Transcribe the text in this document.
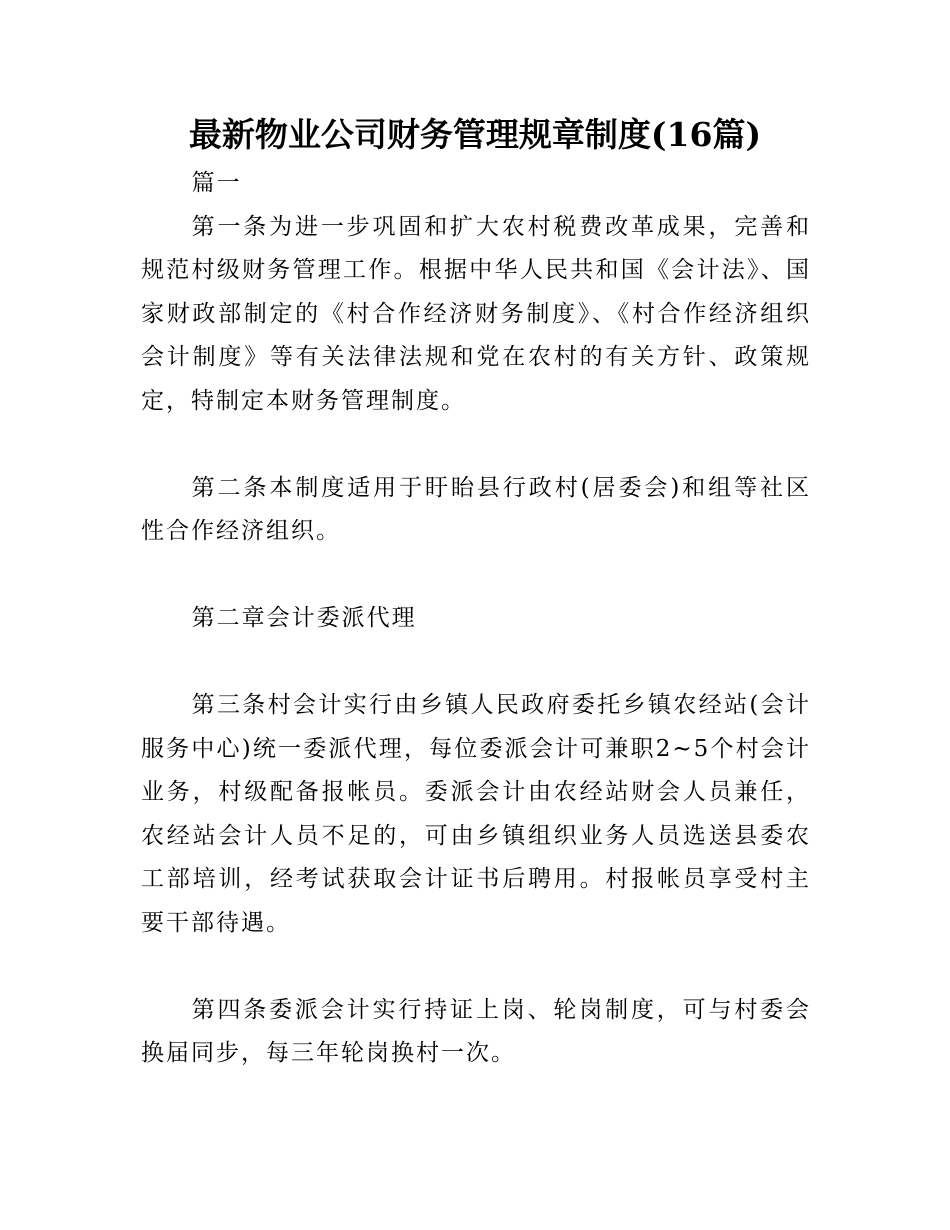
最新物业公司财务管理规章制度(16篇)

篇一

第一条为进一步巩固和扩大农村税费改革成果，完善和规范村级财务管理工作。根据中华人民共和国《会计法》、国家财政部制定的《村合作经济财务制度》、《村合作经济组织会计制度》等有关法律法规和党在农村的有关方针、政策规定，特制定本财务管理制度。

第二条本制度适用于盱眙县行政村(居委会)和组等社区性合作经济组织。

第二章会计委派代理

第三条村会计实行由乡镇人民政府委托乡镇农经站(会计服务中心)统一委派代理，每位委派会计可兼职2~5个村会计业务，村级配备报帐员。委派会计由农经站财会人员兼任，农经站会计人员不足的，可由乡镇组织业务人员选送县委农工部培训，经考试获取会计证书后聘用。村报帐员享受村主要干部待遇。

第四条委派会计实行持证上岗、轮岗制度，可与村委会换届同步，每三年轮岗换村一次。
